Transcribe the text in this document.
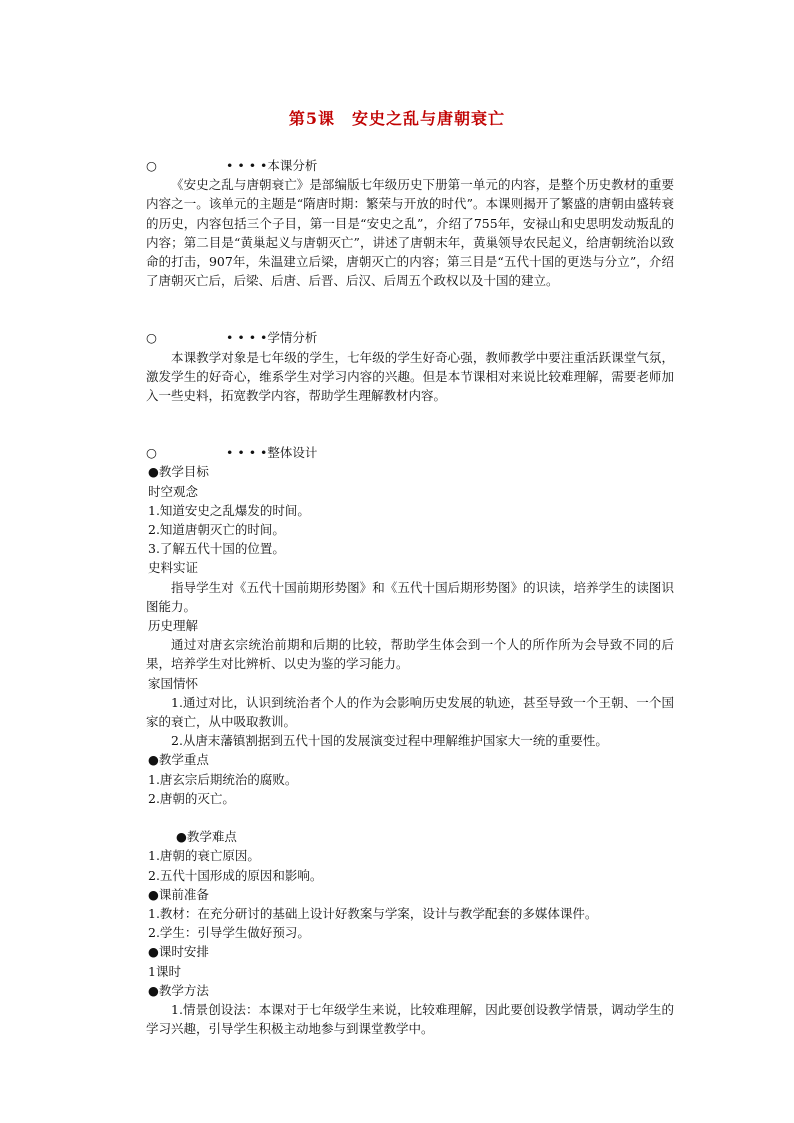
第5课　安史之乱与唐朝衰亡
○	• • • •本课分析
《安史之乱与唐朝衰亡》是部编版七年级历史下册第一单元的内容，是整个历史教材的重要内容之一。该单元的主题是“隋唐时期：繁荣与开放的时代”。本课则揭开了繁盛的唐朝由盛转衰的历史，内容包括三个子目，第一目是“安史之乱”，介绍了755年，安禄山和史思明发动叛乱的内容；第二目是“黄巢起义与唐朝灭亡”，讲述了唐朝末年，黄巢领导农民起义，给唐朝统治以致命的打击，907年，朱温建立后梁，唐朝灭亡的内容；第三目是“五代十国的更迭与分立”，介绍了唐朝灭亡后，后梁、后唐、后晋、后汉、后周五个政权以及十国的建立。
○	• • • •学情分析
本课教学对象是七年级的学生，七年级的学生好奇心强，教师教学中要注重活跃课堂气氛，激发学生的好奇心，维系学生对学习内容的兴趣。但是本节课相对来说比较难理解，需要老师加入一些史料，拓宽教学内容，帮助学生理解教材内容。
○	• • • •整体设计
●教学目标
时空观念
1.知道安史之乱爆发的时间。
2.知道唐朝灭亡的时间。
3.了解五代十国的位置。
史料实证
指导学生对《五代十国前期形势图》和《五代十国后期形势图》的识读，培养学生的读图识图能力。
历史理解
通过对唐玄宗统治前期和后期的比较，帮助学生体会到一个人的所作所为会导致不同的后果，培养学生对比辨析、以史为鉴的学习能力。
家国情怀
1.通过对比，认识到统治者个人的作为会影响历史发展的轨迹，甚至导致一个王朝、一个国家的衰亡，从中吸取教训。
2.从唐末藩镇割据到五代十国的发展演变过程中理解维护国家大一统的重要性。
●教学重点
1.唐玄宗后期统治的腐败。
2.唐朝的灭亡。
●教学难点
1.唐朝的衰亡原因。
2.五代十国形成的原因和影响。
●课前准备
1.教材：在充分研讨的基础上设计好教案与学案，设计与教学配套的多媒体课件。
2.学生：引导学生做好预习。
●课时安排
1课时
●教学方法
1.情景创设法：本课对于七年级学生来说，比较难理解，因此要创设教学情景，调动学生的学习兴趣，引导学生积极主动地参与到课堂教学中。
